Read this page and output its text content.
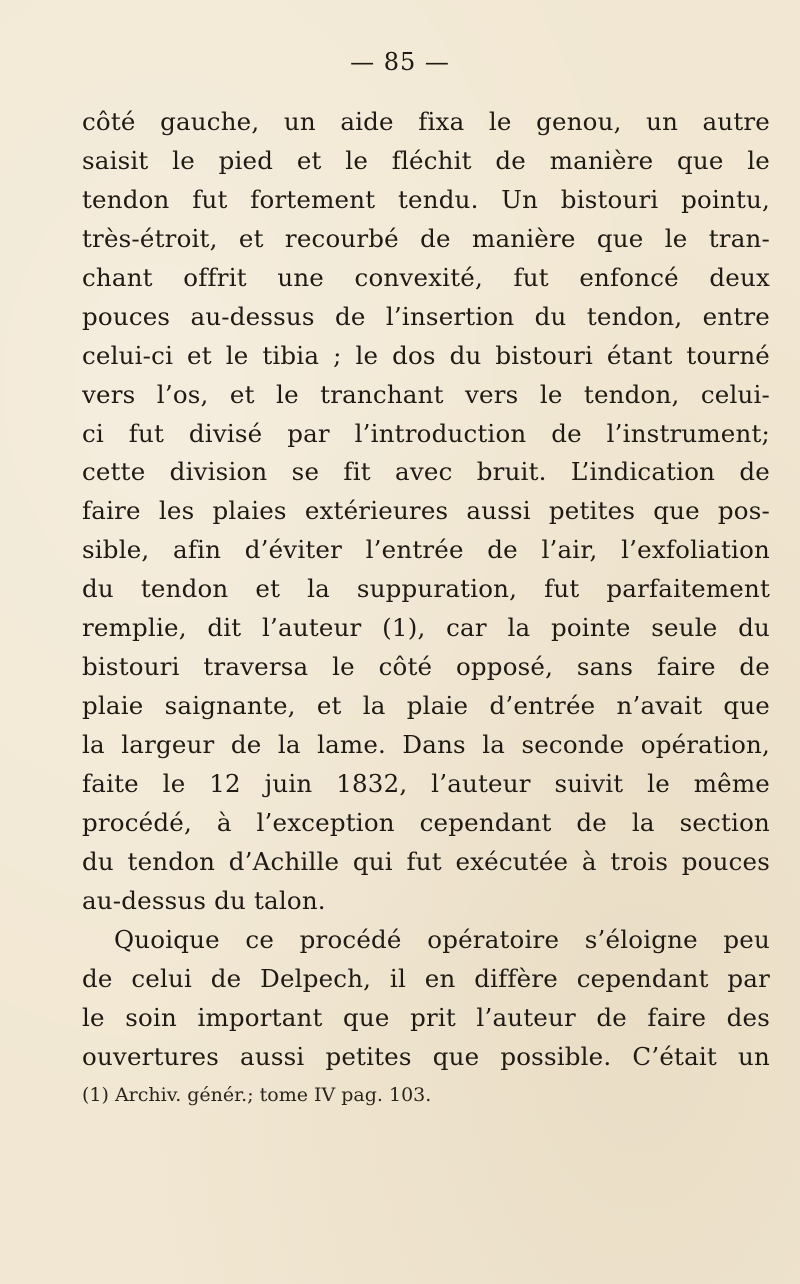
— 85 —
côté gauche, un aide fixa le genou, un autre
saisit le pied et le fléchit de manière que le
tendon fut fortement tendu. Un bistouri pointu,
très-étroit, et recourbé de manière que le tran-
chant offrit une convexité, fut enfoncé deux
pouces au-dessus de l’insertion du tendon, entre
celui-ci et le tibia ; le dos du bistouri étant tourné
vers l’os, et le tranchant vers le tendon, celui-
ci fut divisé par l’introduction de l’instrument;
cette division se fit avec bruit. L’indication de
faire les plaies extérieures aussi petites que pos-
sible, afin d’éviter l’entrée de l’air, l’exfoliation
du tendon et la suppuration, fut parfaitement
remplie, dit l’auteur (1), car la pointe seule du
bistouri traversa le côté opposé, sans faire de
plaie saignante, et la plaie d’entrée n’avait que
la largeur de la lame. Dans la seconde opération,
faite le 12 juin 1832, l’auteur suivit le même
procédé, à l’exception cependant de la section
du tendon d’Achille qui fut exécutée à trois pouces
au-dessus du talon.
Quoique ce procédé opératoire s’éloigne peu
de celui de Delpech, il en diffère cependant par
le soin important que prit l’auteur de faire des
ouvertures aussi petites que possible. C’était un
(1) Archiv. génér.; tome IV pag. 103.
